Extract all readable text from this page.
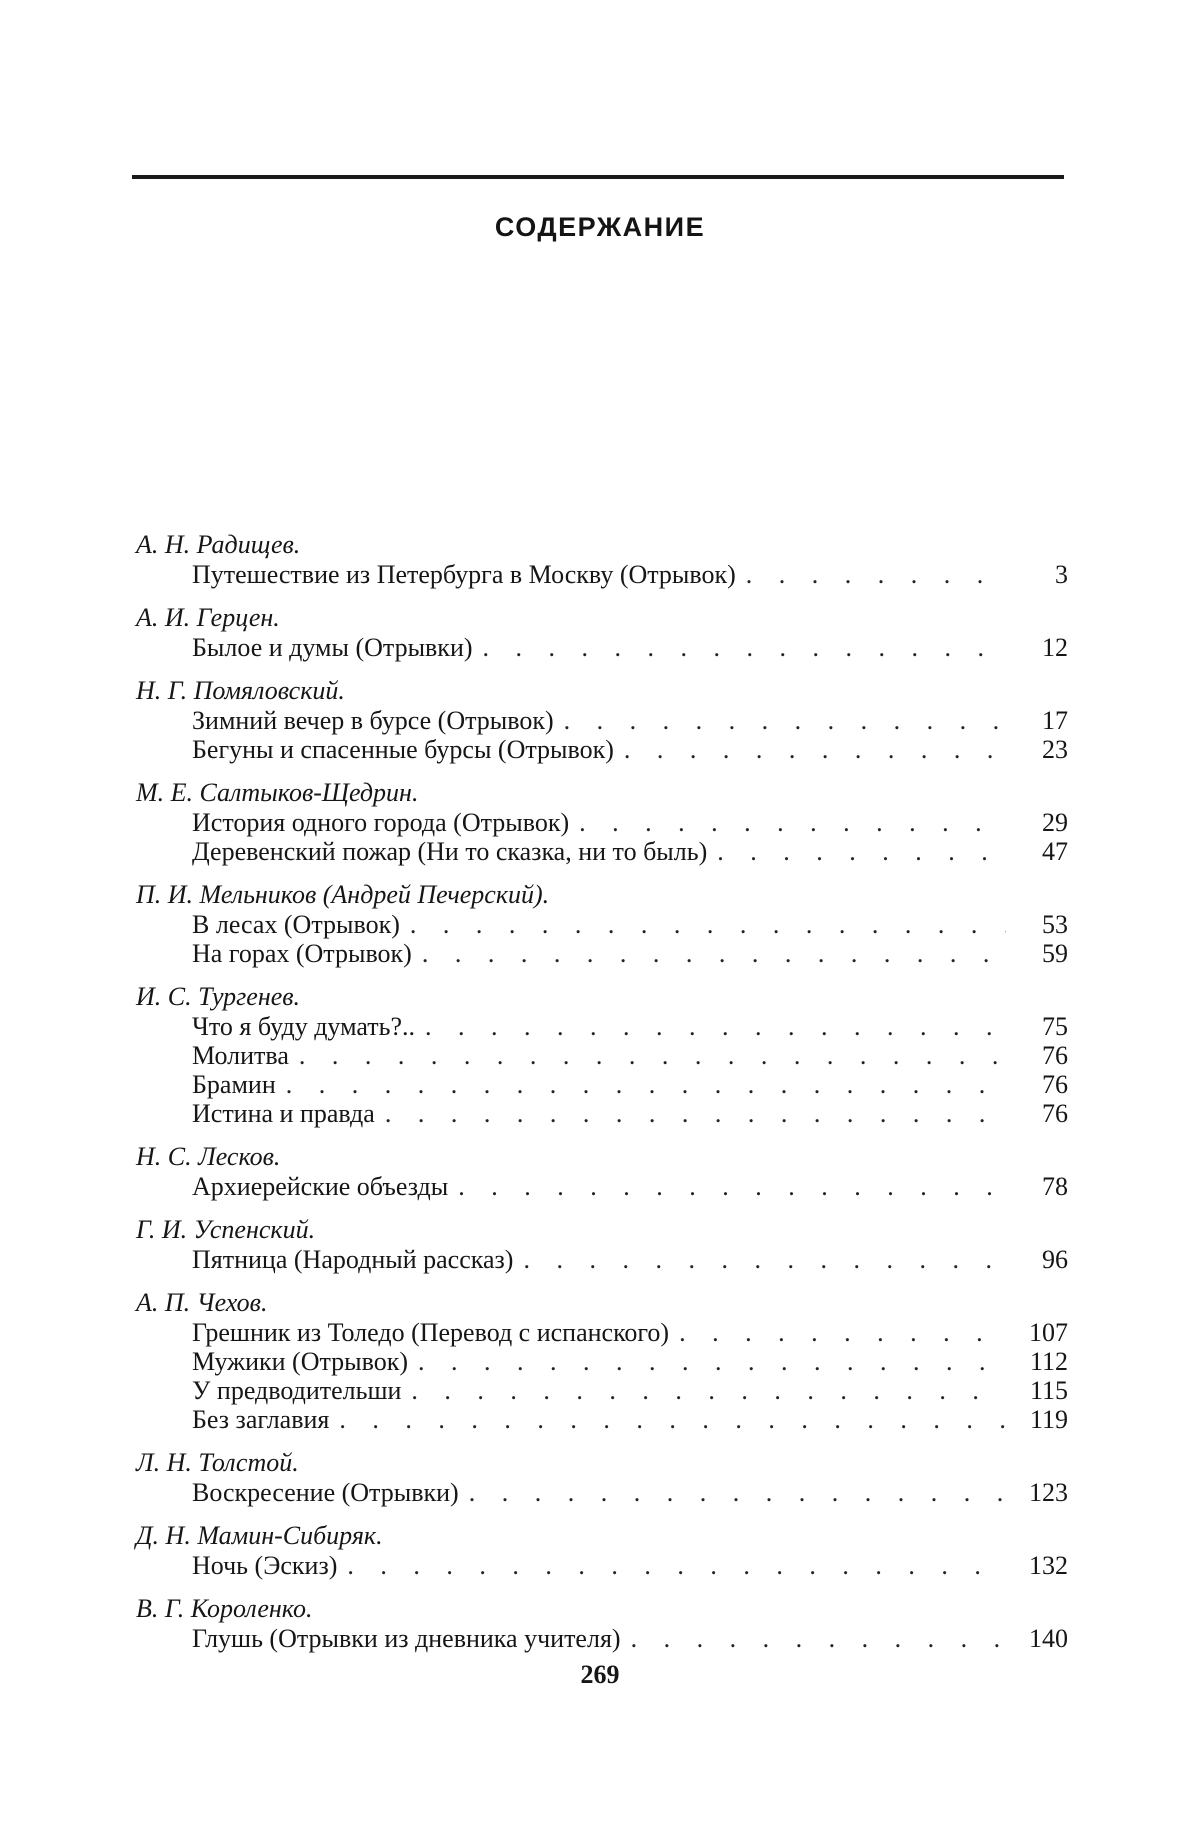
СОДЕРЖАНИЕ
А. Н. Радищев.
Путешествие из Петербурга в Москву (Отрывок) . . .	3
А. И. Герцен.
Былое и думы (Отрывки) . . .	12
Н. Г. Помяловский.
Зимний вечер в бурсе (Отрывок) . . .	17
Бегуны и спасенные бурсы (Отрывок) . . .	23
М. Е. Салтыков-Щедрин.
История одного города (Отрывок) . . .	29
Деревенский пожар (Ни то сказка, ни то быль) . . .	47
П. И. Мельников (Андрей Печерский).
В лесах (Отрывок) . . .	53
На горах (Отрывок) . . .	59
И. С. Тургенев.
Что я буду думать?.. . . .	75
Молитва . . .	76
Брамин . . .	76
Истина и правда . . .	76
Н. С. Лесков.
Архиерейские объезды . . .	78
Г. И. Успенский.
Пятница (Народный рассказ) . . .	96
А. П. Чехов.
Грешник из Толедо (Перевод с испанского) . . .	107
Мужики (Отрывок) . . .	112
У предводительши . . .	115
Без заглавия . . .	119
Л. Н. Толстой.
Воскресение (Отрывки) . . .	123
Д. Н. Мамин-Сибиряк.
Ночь (Эскиз) . . .	132
В. Г. Короленко.
Глушь (Отрывки из дневника учителя) . . .	140
269
